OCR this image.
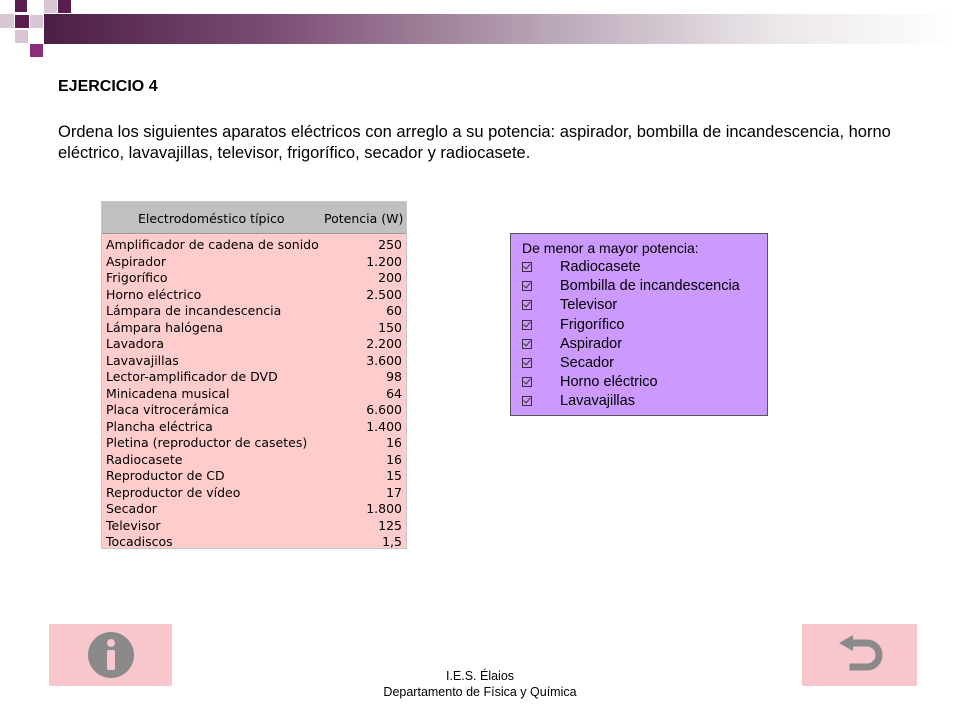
EJERCICIO 4
Ordena los siguientes aparatos eléctricos con arreglo a su potencia: aspirador, bombilla de incandescencia, horno eléctrico, lavavajillas, televisor, frigorífico, secador y radiocasete.
Electrodoméstico típico	Potencia (W)
Amplificador de cadena de sonido	250
Aspirador	1.200
Frigorífico	200
Horno eléctrico	2.500
Lámpara de incandescencia	60
Lámpara halógena	150
Lavadora	2.200
Lavavajillas	3.600
Lector-amplificador de DVD	98
Minicadena musical	64
Placa vitrocerámica	6.600
Plancha eléctrica	1.400
Pletina (reproductor de casetes)	16
Radiocasete	16
Reproductor de CD	15
Reproductor de vídeo	17
Secador	1.800
Televisor	125
Tocadiscos	1,5
De menor a mayor potencia:
Radiocasete
Bombilla de incandescencia
Televisor
Frigorífico
Aspirador
Secador
Horno eléctrico
Lavavajillas
I.E.S. Élaios
Departamento de Física y Química
